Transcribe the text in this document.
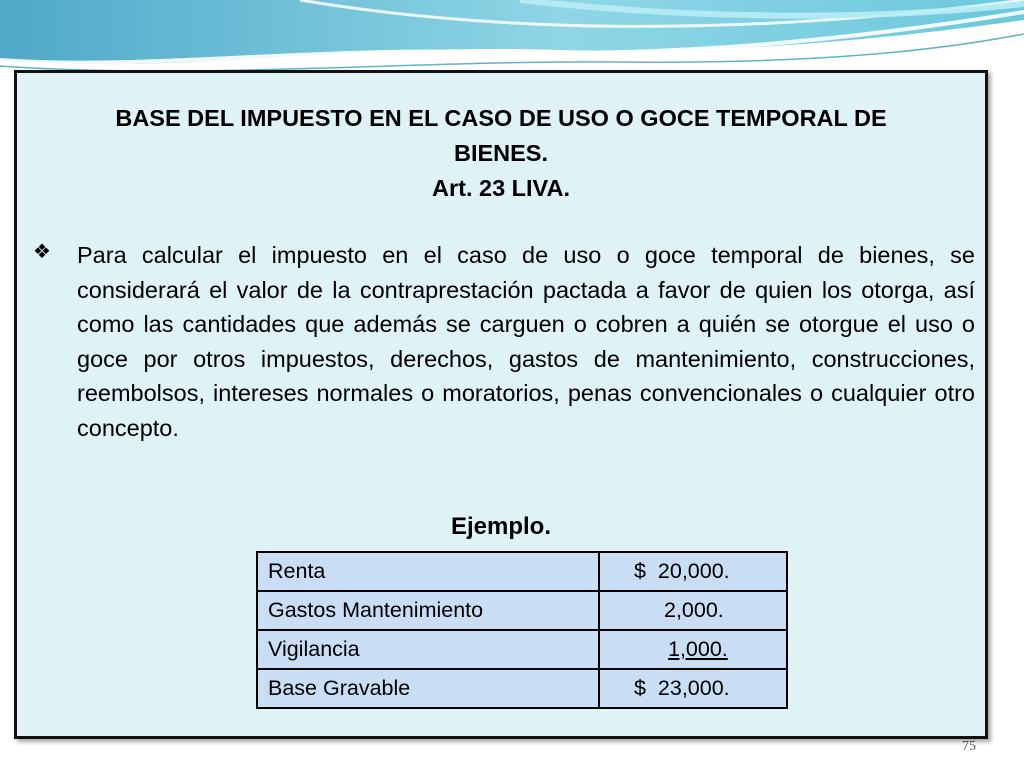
BASE DEL IMPUESTO EN EL CASO DE USO O GOCE TEMPORAL DE
BIENES.
Art. 23 LIVA.
❖ Para calcular el impuesto en el caso de uso o goce temporal de bienes, se considerará el valor de la contraprestación pactada a favor de quien los otorga, así como las cantidades que además se carguen o cobren a quién se otorgue el uso o goce por otros impuestos, derechos, gastos de mantenimiento, construcciones, reembolsos, intereses normales o moratorios, penas convencionales o cualquier otro concepto.

Ejemplo.
Renta	$  20,000.
Gastos Mantenimiento	2,000.
Vigilancia	1,000.
Base Gravable	$  23,000.
75
